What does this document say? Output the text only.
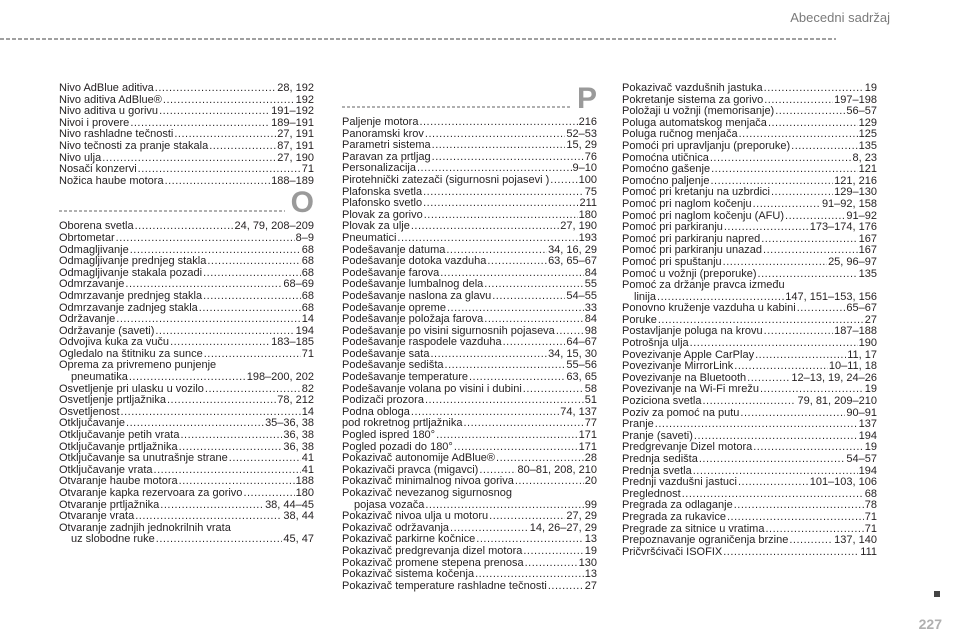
Abecedni sadržaj
Nivo AdBlue aditiva .....	28, 192
Nivo aditiva AdBlue® .....	192
Nivo aditiva u gorivu .....	191–192
Nivoi i provere .....	189–191
Nivo rashladne tečnosti .....	27, 191
Nivo tečnosti za pranje stakala .....	87, 191
Nivo ulja .....	27, 190
Nosači konzervi .....	71
Nožica haube motora .....	188–189
O
Oborena svetla .....	24, 79, 208–209
Obrtometar .....	8–9
Odmagljivanje .....	68
Odmagljivanje prednjeg stakla .....	68
Odmagljivanje stakala pozadi .....	68
Odmrzavanje .....	68–69
Odmrzavanje prednjeg stakla .....	68
Odmrzavanje zadnjeg stakla .....	68
Održavanje .....	14
Održavanje (saveti) .....	194
Odvojiva kuka za vuču .....	183–185
Ogledalo na štitniku za sunce .....	71
Oprema za privremeno punjenje
pneumatika .....	198–200, 202
Osvetljenje pri ulasku u vozilo .....	82
Osvetljenje prtljažnika .....	78, 212
Osvetljenost .....	14
Otključavanje .....	35–36, 38
Otključavanje petih vrata .....	36, 38
Otključavanje prtljažnika .....	36, 38
Otključavanje sa unutrašnje strane .....	41
Otključavanje vrata .....	41
Otvaranje haube motora .....	188
Otvaranje kapka rezervoara za gorivo .....	180
Otvaranje prtljažnika .....	38, 44–45
Otvaranje vrata .....	38, 44
Otvaranje zadnjih jednokrilnih vrata
uz slobodne ruke .....	45, 47
P
Paljenje motora .....	216
Panoramski krov .....	52–53
Parametri sistema .....	15, 29
Paravan za prtljag .....	76
Personalizacija .....	9–10
Pirotehnički zatezači (sigurnosni pojasevi ) .....	100
Plafonska svetla .....	75
Plafonsko svetlo .....	211
Plovak za gorivo .....	180
Plovak za ulje .....	27, 190
Pneumatici .....	193
Podešavanje datuma .....	34, 16, 29
Podešavanje dotoka vazduha .....	63, 65–67
Podešavanje farova .....	84
Podešavanje lumbalnog dela .....	55
Podešavanje naslona za glavu .....	54–55
Podešavanje opreme .....	33
Podešavanje položaja farova .....	84
Podešavanje po visini sigurnosnih pojaseva .....	98
Podešavanje raspodele vazduha .....	64–67
Podešavanje sata .....	34, 15, 30
Podešavanje sedišta .....	55–56
Podešavanje temperature .....	63, 65
Podešavanje volana po visini i dubini .....	58
Podizači prozora .....	51
Podna obloga .....	74, 137
pod rokretnog prtljažnika .....	77
Pogled ispred 180° .....	171
Pogled pozadi do 180° .....	171
Pokazivač autonomije AdBlue® .....	28
Pokazivači pravca (migavci) .....	80–81, 208, 210
Pokazivač minimalnog nivoa goriva .....	20
Pokazivač nevezanog sigurnosnog
pojasa vozača .....	99
Pokazivač nivoa ulja u motoru .....	27, 29
Pokazivač održavanja .....	14, 26–27, 29
Pokazivač parkirne kočnice .....	13
Pokazivač predgrevanja dizel motora .....	19
Pokazivač promene stepena prenosa .....	130
Pokazivač sistema kočenja .....	13
Pokazivač temperature rashladne tečnosti .....	27
Pokazivač vazdušnih jastuka .....	19
Pokretanje sistema za gorivo .....	197–198
Položaji u vožnji (memorisanje) .....	56–57
Poluga automatskog menjača .....	129
Poluga ručnog menjača .....	125
Pomoći pri upravljanju (preporuke) .....	135
Pomoćna utičnica .....	8, 23
Pomoćno gašenje .....	121
Pomoćno paljenje .....	121, 216
Pomoć pri kretanju na uzbrdici .....	129–130
Pomoć pri naglom kočenju .....	91–92, 158
Pomoć pri naglom kočenju (AFU) .....	91–92
Pomoć pri parkiranju .....	173–174, 176
Pomoć pri parkiranju napred .....	167
Pomoć pri parkiranju unazad .....	167
Pomoć pri spuštanju .....	25, 96–97
Pomoć u vožnji (preporuke) .....	135
Pomoć za držanje pravca između
linija .....	147, 151–153, 156
Ponovno kruženje vazduha u kabini .....	65–67
Poruke .....	27
Postavljanje poluga na krovu .....	187–188
Potrošnja ulja .....	190
Povezivanje Apple CarPlay .....	11, 17
Povezivanje MirrorLink .....	10–11, 18
Povezivanje na Bluetooth .....	12–13, 19, 24–26
Povezivanje na Wi-Fi mrežu .....	19
Poziciona svetla .....	79, 81, 209–210
Poziv za pomoć na putu .....	90–91
Pranje .....	137
Pranje (saveti) .....	194
Predgrevanje Dizel motora .....	19
Prednja sedišta .....	54–57
Prednja svetla .....	194
Prednji vazdušni jastuci .....	101–103, 106
Preglednost .....	68
Pregrada za odlaganje .....	78
Pregrada za rukavice .....	71
Pregrade za sitnice u vratima .....	71
Prepoznavanje ograničenja brzine .....	137, 140
Pričvršćivači ISOFIX .....	111
227
